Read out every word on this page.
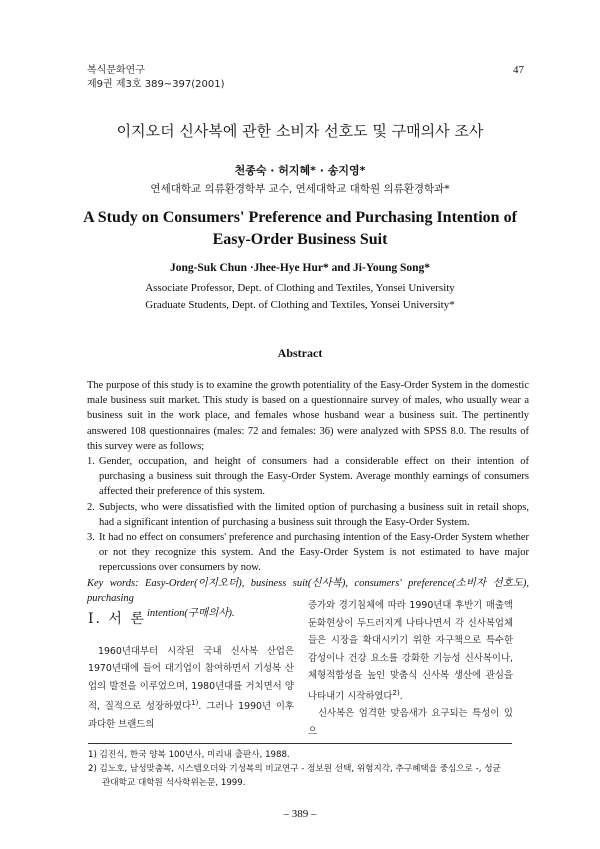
복식문화연구
제9권 제3호 389~397(2001)
47
이지오더 신사복에 관한 소비자 선호도 및 구매의사 조사
천종숙 · 허지혜* · 송지영*
연세대학교 의류환경학부 교수, 연세대학교 대학원 의류환경학과*
A Study on Consumers' Preference and Purchasing Intention of
Easy-Order Business Suit
Jong-Suk Chun ·Jhee-Hye Hur* and Ji-Young Song*
Associate Professor, Dept. of Clothing and Textiles, Yonsei University
Graduate Students, Dept. of Clothing and Textiles, Yonsei University*
Abstract

The purpose of this study is to examine the growth potentiality of the Easy-Order System in the domestic male business suit market. This study is based on a questionnaire survey of males, who usually wear a business suit in the work place, and females whose husband wear a business suit. The pertinently answered 108 questionnaires (males: 72 and females: 36) were analyzed with SPSS 8.0. The results of this survey were as follows;

1. Gender, occupation, and height of consumers had a considerable effect on their intention of purchasing a business suit through the Easy-Order System. Average monthly earnings of consumers affected their preference of this system.
2. Subjects, who were dissatisfied with the limited option of purchasing a business suit in retail shops, had a significant intention of purchasing a business suit through the Easy-Order System.
3. It had no effect on consumers' preference and purchasing intention of the Easy-Order System whether or not they recognize this system. And the Easy-Order System is not estimated to have major repercussions over consumers by now.

Key words: Easy-Order(이지오더), business suit(신사복), consumers' preference(소비자 선호도), purchasing
intention(구매의사).

I. 서 론

1960년대부터 시작된 국내 신사복 산업은 1970년대에 들어 대기업이 참여하면서 기성복 산업의 발전을 이루었으며, 1980년대를 거치면서 양적, 질적으로 성장하였다$^{1)}$. 그러나 1990년 이후 과다한 브랜드의

증가와 경기침체에 따라 1990년대 후반기 매출액 둔화현상이 두드러지게 나타나면서 각 신사복업체들은 시장을 확대시키기 위한 자구책으로 특수한 감성이나 건강 요소를 강화한 기능성 신사복이나, 체형적합성을 높인 맞춤식 신사복 생산에 관심을 나타내기 시작하였다$^{2)}$.

신사복은 엄격한 맞음새가 요구되는 특성이 있으

1) 김진식, 한국 양복 100년사, 미리내 출판사, 1988.

2) 김노호, 남성맞춤복, 시스템오더와 기성복의 비교연구 - 정보원 선택, 위험지각, 추구혜택을 중심으로 -, 성균

관대학교 대학원 석사학위논문, 1999.

– 389 –
